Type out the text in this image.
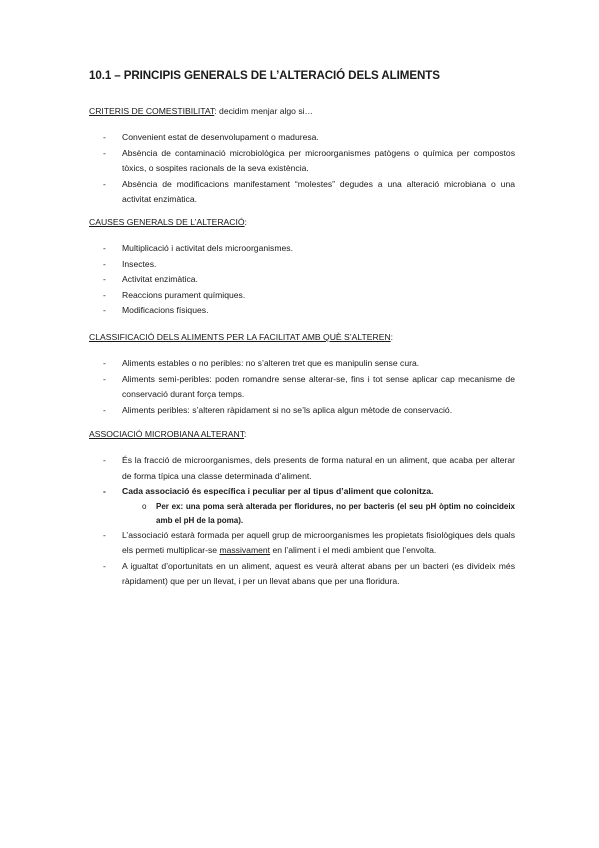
10.1 – PRINCIPIS GENERALS DE L’ALTERACIÓ DELS ALIMENTS

CRITERIS DE COMESTIBILITAT: decidim menjar algo si…

- Convenient estat de desenvolupament o maduresa.
- Absència de contaminació microbiològica per microorganismes patògens o química per compostos tòxics, o sospites racionals de la seva existència.
- Absència de modificacions manifestament “molestes” degudes a una alteració microbiana o una activitat enzimàtica.

CAUSES GENERALS DE L’ALTERACIÓ:

- Multiplicació i activitat dels microorganismes.
- Insectes.
- Activitat enzimàtica.
- Reaccions purament químiques.
- Modificacions físiques.

CLASSIFICACIÓ DELS ALIMENTS PER LA FACILITAT AMB QUÈ S’ALTEREN:

- Aliments estables o no peribles: no s’alteren tret que es manipulin sense cura.
- Aliments semi-peribles: poden romandre sense alterar-se, fins i tot sense aplicar cap mecanisme de conservació durant força temps.
- Aliments peribles: s’alteren ràpidament si no se’ls aplica algun mètode de conservació.

ASSOCIACIÓ MICROBIANA ALTERANT:

- És la fracció de microorganismes, dels presents de forma natural en un aliment, que acaba per alterar de forma típica una classe determinada d’aliment.
- Cada associació és específica i peculiar per al tipus d’aliment que colonitza.
o Per ex: una poma serà alterada per floridures, no per bacteris (el seu pH òptim no coincideix amb el pH de la poma).
- L’associació estarà formada per aquell grup de microorganismes les propietats fisiològiques dels quals els permeti multiplicar-se massivament en l’aliment i el medi ambient que l’envolta.
- A igualtat d’oportunitats en un aliment, aquest es veurà alterat abans per un bacteri (es divideix més ràpidament) que per un llevat, i per un llevat abans que per una floridura.
